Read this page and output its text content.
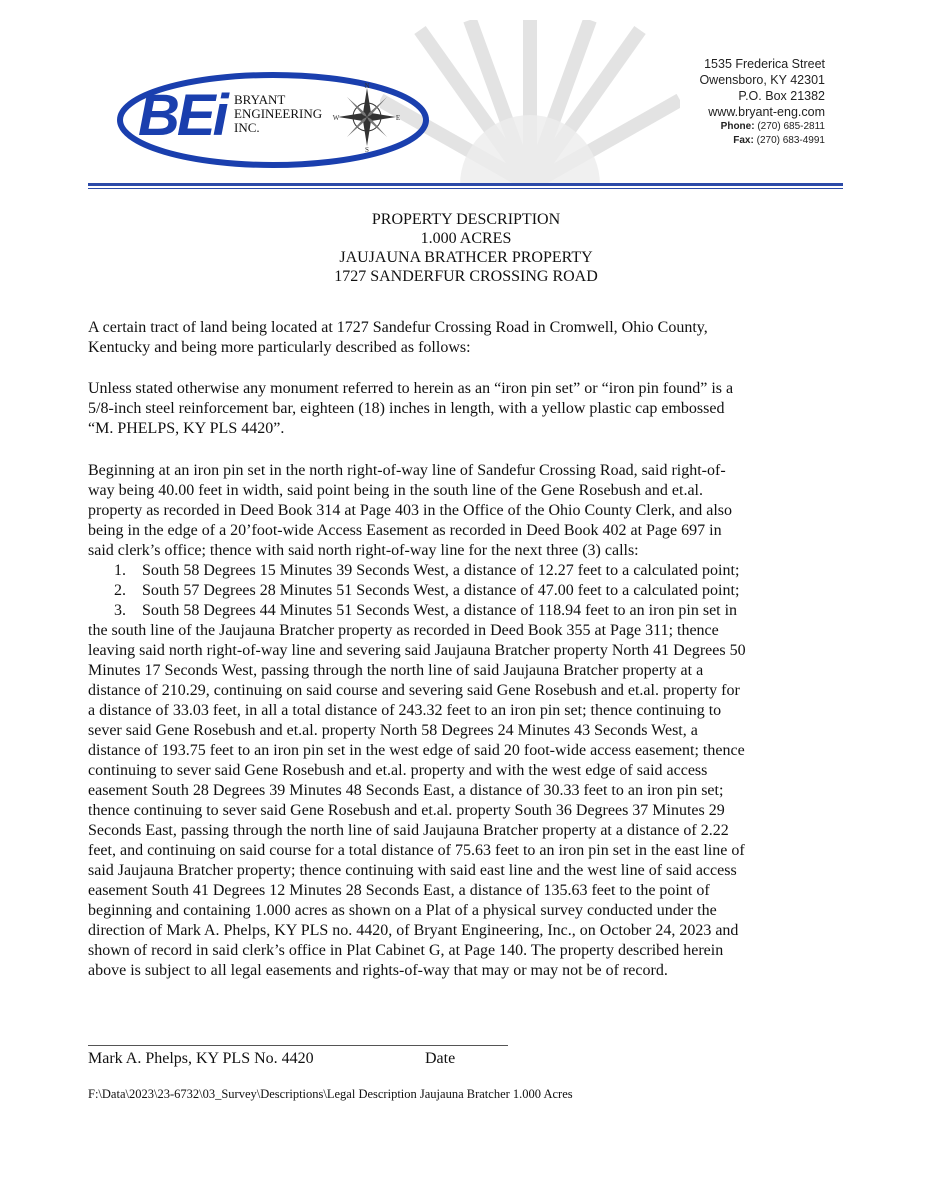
BEi BRYANT
ENGINEERING
INC.
N
S
W	E
1535 Frederica Street
Owensboro, KY 42301
P.O. Box 21382
www.bryant-eng.com
Phone: (270) 685-2811
Fax: (270) 683-4991
PROPERTY DESCRIPTION
1.000 ACRES
JAUJAUNA BRATHCER PROPERTY
1727 SANDERFUR CROSSING ROAD
A certain tract of land being located at 1727 Sandefur Crossing Road in Cromwell, Ohio County,
Kentucky and being more particularly described as follows:
Unless stated otherwise any monument referred to herein as an “iron pin set” or “iron pin found” is a
5/8-inch steel reinforcement bar, eighteen (18) inches in length, with a yellow plastic cap embossed
“M. PHELPS, KY PLS 4420”.
Beginning at an iron pin set in the north right-of-way line of Sandefur Crossing Road, said right-of-
way being 40.00 feet in width, said point being in the south line of the Gene Rosebush and et.al.
property as recorded in Deed Book 314 at Page 403 in the Office of the Ohio County Clerk, and also
being in the edge of a 20’foot-wide Access Easement as recorded in Deed Book 402 at Page 697 in
said clerk’s office; thence with said north right-of-way line for the next three (3) calls:
1. South 58 Degrees 15 Minutes 39 Seconds West, a distance of 12.27 feet to a calculated point;
2. South 57 Degrees 28 Minutes 51 Seconds West, a distance of 47.00 feet to a calculated point;
3. South 58 Degrees 44 Minutes 51 Seconds West, a distance of 118.94 feet to an iron pin set in
the south line of the Jaujauna Bratcher property as recorded in Deed Book 355 at Page 311; thence
leaving said north right-of-way line and severing said Jaujauna Bratcher property North 41 Degrees 50
Minutes 17 Seconds West, passing through the north line of said Jaujauna Bratcher property at a
distance of 210.29, continuing on said course and severing said Gene Rosebush and et.al. property for
a distance of 33.03 feet, in all a total distance of 243.32 feet to an iron pin set; thence continuing to
sever said Gene Rosebush and et.al. property North 58 Degrees 24 Minutes 43 Seconds West, a
distance of 193.75 feet to an iron pin set in the west edge of said 20 foot-wide access easement; thence
continuing to sever said Gene Rosebush and et.al. property and with the west edge of said access
easement South 28 Degrees 39 Minutes 48 Seconds East, a distance of 30.33 feet to an iron pin set;
thence continuing to sever said Gene Rosebush and et.al. property South 36 Degrees 37 Minutes 29
Seconds East, passing through the north line of said Jaujauna Bratcher property at a distance of 2.22
feet, and continuing on said course for a total distance of 75.63 feet to an iron pin set in the east line of
said Jaujauna Bratcher property; thence continuing with said east line and the west line of said access
easement South 41 Degrees 12 Minutes 28 Seconds East, a distance of 135.63 feet to the point of
beginning and containing 1.000 acres as shown on a Plat of a physical survey conducted under the
direction of Mark A. Phelps, KY PLS no. 4420, of Bryant Engineering, Inc., on October 24, 2023 and
shown of record in said clerk’s office in Plat Cabinet G, at Page 140. The property described herein
above is subject to all legal easements and rights-of-way that may or may not be of record.
Mark A. Phelps, KY PLS No. 4420	Date
F:\Data\2023\23-6732\03_Survey\Descriptions\Legal Description Jaujauna Bratcher 1.000 Acres
